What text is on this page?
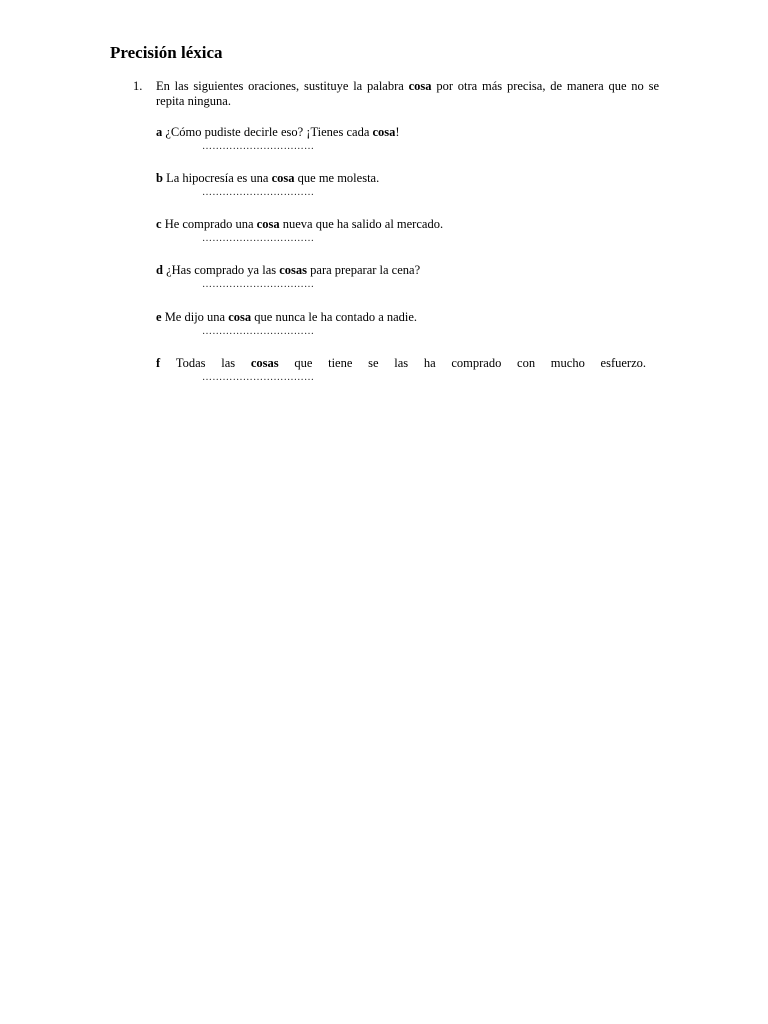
Precisión léxica
1. En las siguientes oraciones, sustituye la palabra cosa por otra más precisa, de manera que no se repita ninguna.

a ¿Cómo pudiste decirle eso? ¡Tienes cada cosa!

……………………………

b La hipocresía es una cosa que me molesta.

……………………………

c He comprado una cosa nueva que ha salido al mercado.

……………………………

d ¿Has comprado ya las cosas para preparar la cena?

……………………………

e Me dijo una cosa que nunca le ha contado a nadie.

……………………………

f Todas las cosas que tiene se las ha comprado con mucho esfuerzo.

……………………………
